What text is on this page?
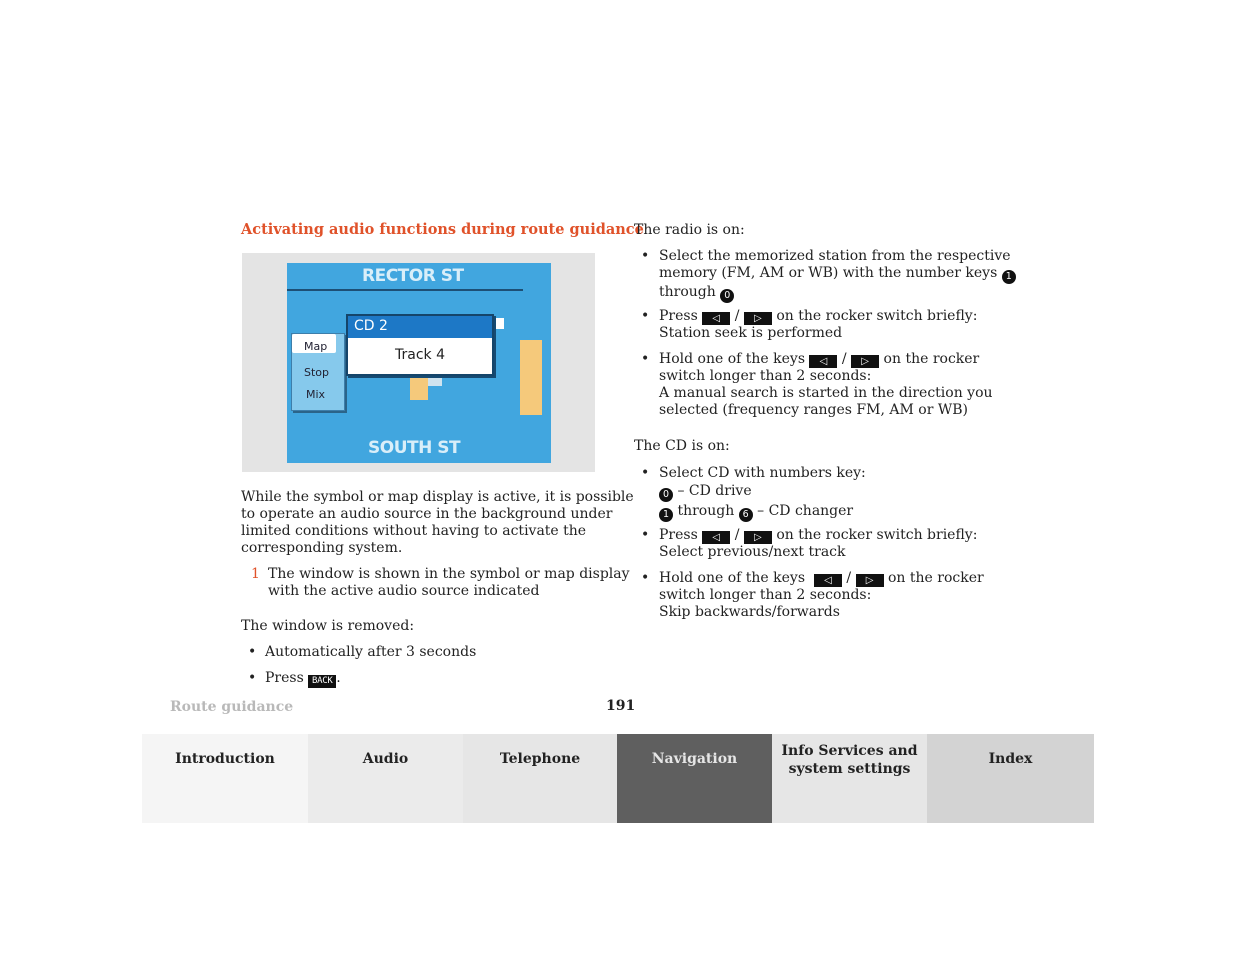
Activating audio functions during route guidance
RECTOR ST
SOUTH ST
Map
Stop
Mix
CD 2
Track 4
While the symbol or map display is active, it is possible
to operate an audio source in the background under
limited conditions without having to activate the
corresponding system.
1 The window is shown in the symbol or map display
with the active audio source indicated
The window is removed:
• Automatically after 3 seconds
• Press BACK .
The radio is on:
• Select the memorized station from the respective
memory (FM, AM or WB) with the number keys 1
through 0
• Press ◁ / ▷ on the rocker switch briefly:
Station seek is performed
• Hold one of the keys ◁ / ▷ on the rocker
switch longer than 2 seconds:
A manual search is started in the direction you
selected (frequency ranges FM, AM or WB)
The CD is on:
• Select CD with numbers key:
0 – CD drive
1 through 6 – CD changer
• Press ◁ / ▷ on the rocker switch briefly:
Select previous/next track
• Hold one of the keys ◁ / ▷ on the rocker
switch longer than 2 seconds:
Skip backwards/forwards
Route guidance	191
Introduction	Audio	Telephone	Navigation	Info Services and
system settings
Index
